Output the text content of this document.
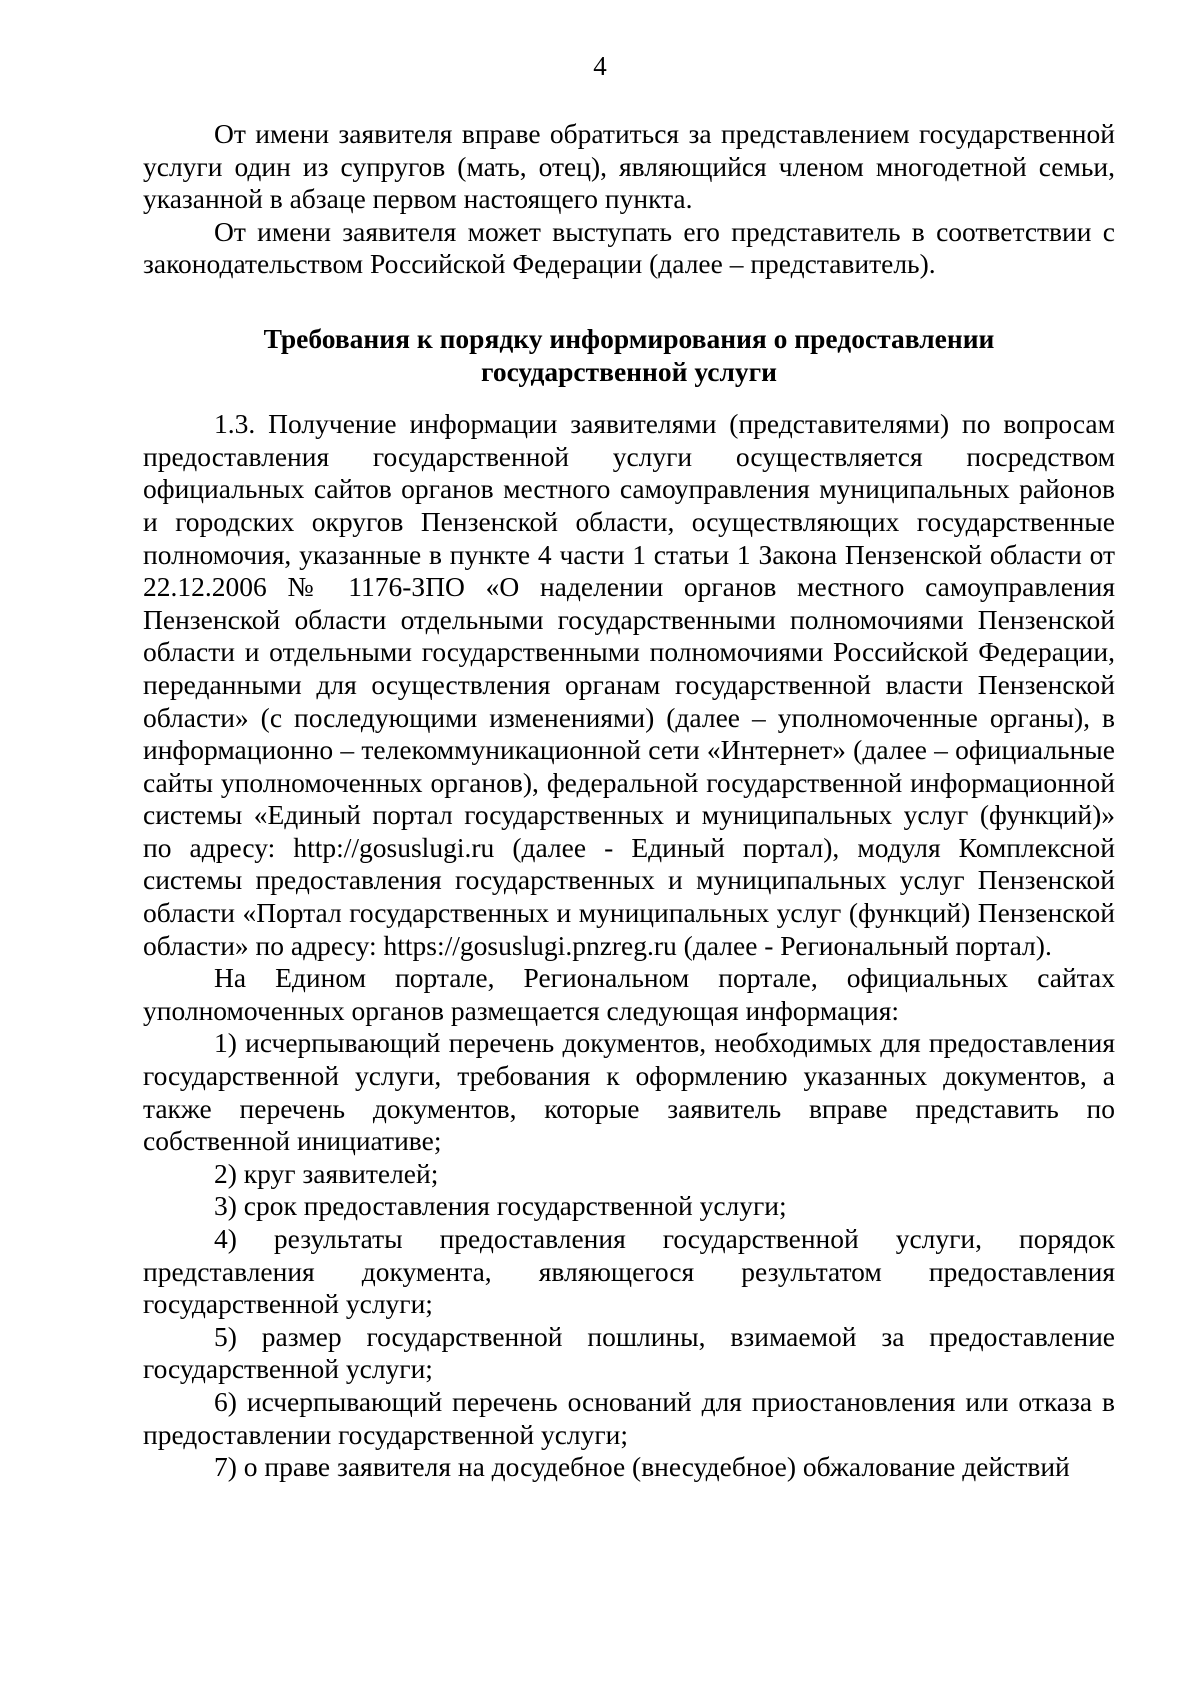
4

От имени заявителя вправе обратиться за представлением государственной услуги один из супругов (мать, отец), являющийся членом многодетной семьи, указанной в абзаце первом настоящего пункта.

От имени заявителя может выступать его представитель в соответствии с законодательством Российской Федерации (далее – представитель).

Требования к порядку информирования о предоставлении
государственной услуги

1.3. Получение информации заявителями (представителями) по вопросам предоставления государственной услуги осуществляется посредством официальных сайтов органов местного самоуправления муниципальных районов и городских округов Пензенской области, осуществляющих государственные полномочия, указанные в пункте 4 части 1 статьи 1 Закона Пензенской области от 22.12.2006 № 1176-ЗПО «О наделении органов местного самоуправления Пензенской области отдельными государственными полномочиями Пензенской области и отдельными государственными полномочиями Российской Федерации, переданными для осуществления органам государственной власти Пензенской области» (с последующими изменениями) (далее – уполномоченные органы), в информационно – телекоммуникационной сети «Интернет» (далее – официальные сайты уполномоченных органов), федеральной государственной информационной системы «Единый портал государственных и муниципальных услуг (функций)» по адресу: http://gosuslugi.ru (далее - Единый портал), модуля Комплексной системы предоставления государственных и муниципальных услуг Пензенской области «Портал государственных и муниципальных услуг (функций) Пензенской области» по адресу: https://gosuslugi.pnzreg.ru (далее - Региональный портал).

На Едином портале, Региональном портале, официальных сайтах уполномоченных органов размещается следующая информация:

1) исчерпывающий перечень документов, необходимых для предоставления государственной услуги, требования к оформлению указанных документов, а также перечень документов, которые заявитель вправе представить по собственной инициативе;

2) круг заявителей;

3) срок предоставления государственной услуги;

4) результаты предоставления государственной услуги, порядок представления документа, являющегося результатом предоставления государственной услуги;

5) размер государственной пошлины, взимаемой за предоставление государственной услуги;

6) исчерпывающий перечень оснований для приостановления или отказа в предоставлении государственной услуги;

7) о праве заявителя на досудебное (внесудебное) обжалование действий
